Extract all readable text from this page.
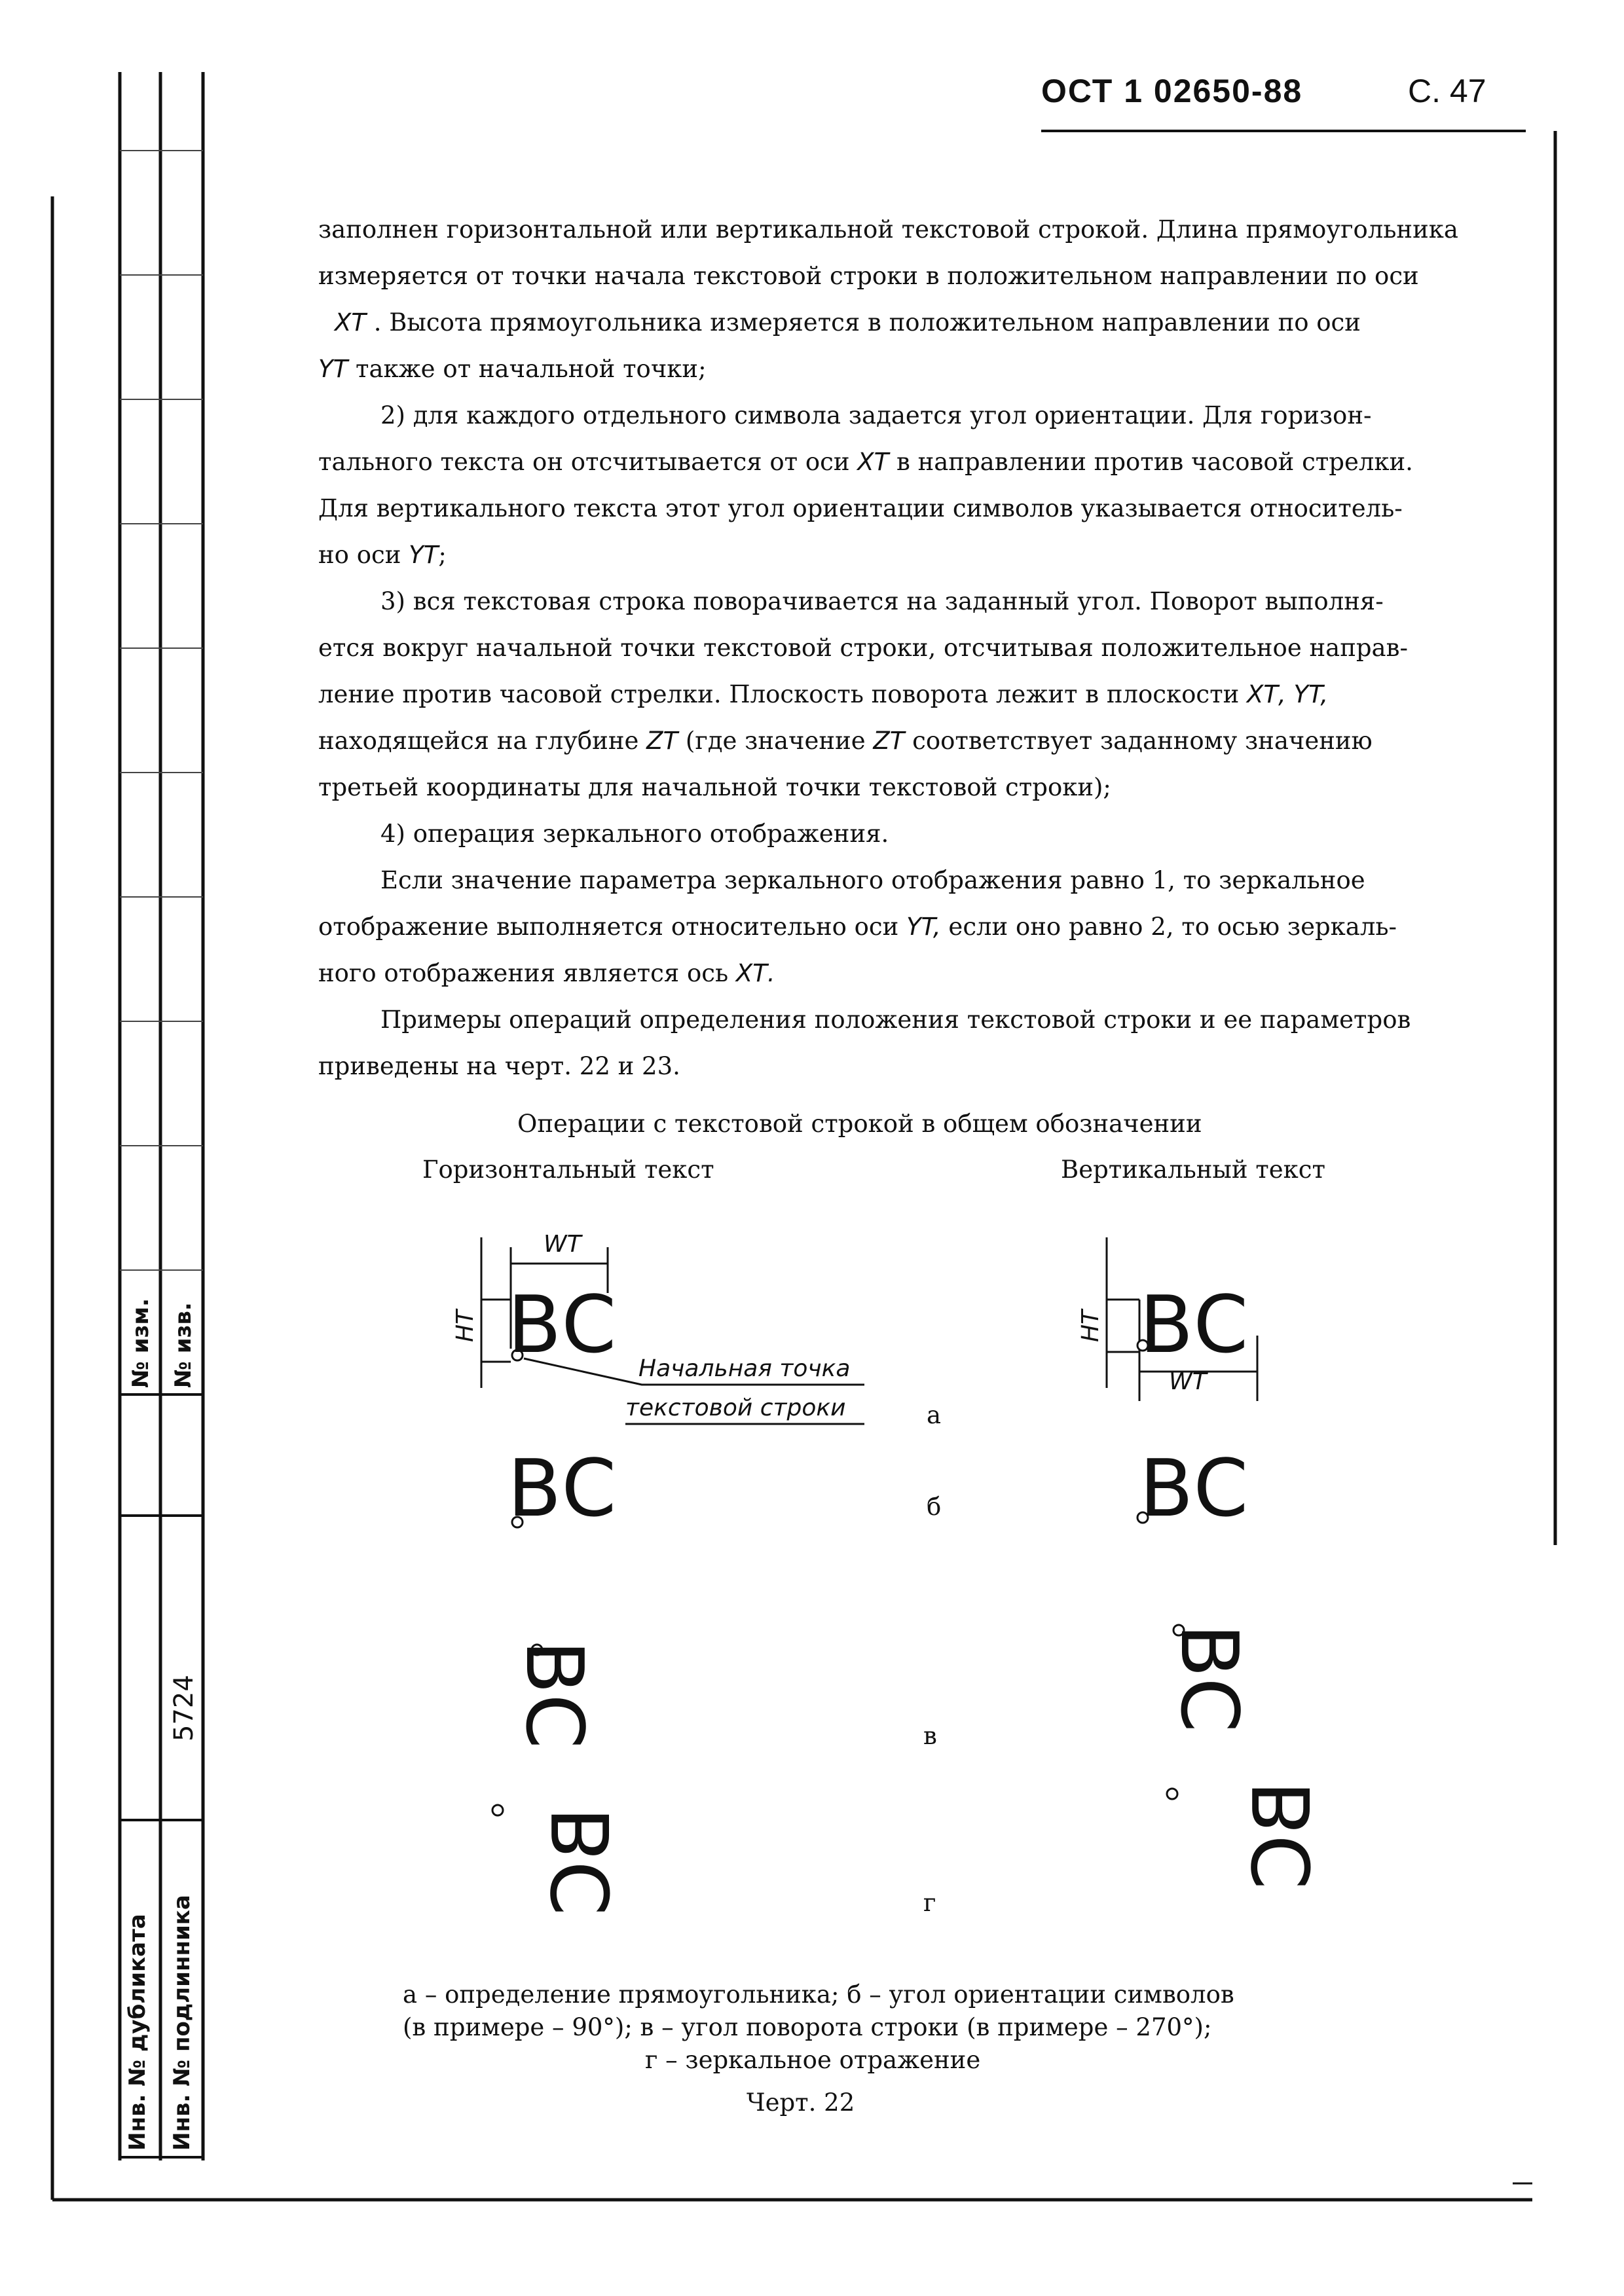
ОСТ 1 02650-88	С. 47
№ изм. № изв.
Инв. № дубликата Инв. № подлинника
5724

заполнен горизонтальной или вертикальной текстовой строкой. Длина прямоугольника

измеряется от точки начала текстовой строки в положительном направлении по оси

ХТ . Высота прямоугольника измеряется в положительном направлении по оси

YT также от начальной точки;

2) для каждого отдельного символа задается угол ориентации. Для горизон-

тального текста он отсчитывается от оси ХТ в направлении против часовой стрелки.

Для вертикального текста этот угол ориентации символов указывается относитель-

но оси YT;

3) вся текстовая строка поворачивается на заданный угол. Поворот выполня-

ется вокруг начальной точки текстовой строки, отсчитывая положительное направ-

ление против часовой стрелки. Плоскость поворота лежит в плоскости ХТ, YT,

находящейся на глубине ZT (где значение ZT соответствует заданному значению

третьей координаты для начальной точки текстовой строки);

4) операция зеркального отображения.

Если значение параметра зеркального отображения равно 1, то зеркальное

отображение выполняется относительно оси YT, если оно равно 2, то осью зеркаль-

ного отображения является ось ХТ.

Примеры операций определения положения текстовой строки и ее параметров

приведены на черт. 22 и 23.

Операции с текстовой строкой в общем обозначении
Горизонтальный текст	Вертикальный текст
WT
HT
WT
HT
Начальная точка
текстовой строки
ВС	ВС
ВС	ВС
ВС	ВС
ВС	ВС
а
б
в
г
а – определение прямоугольника; б – угол ориентации символов
(в примере – 90°); в – угол поворота строки (в примере – 270°);
г – зеркальное отражение
Черт. 22
